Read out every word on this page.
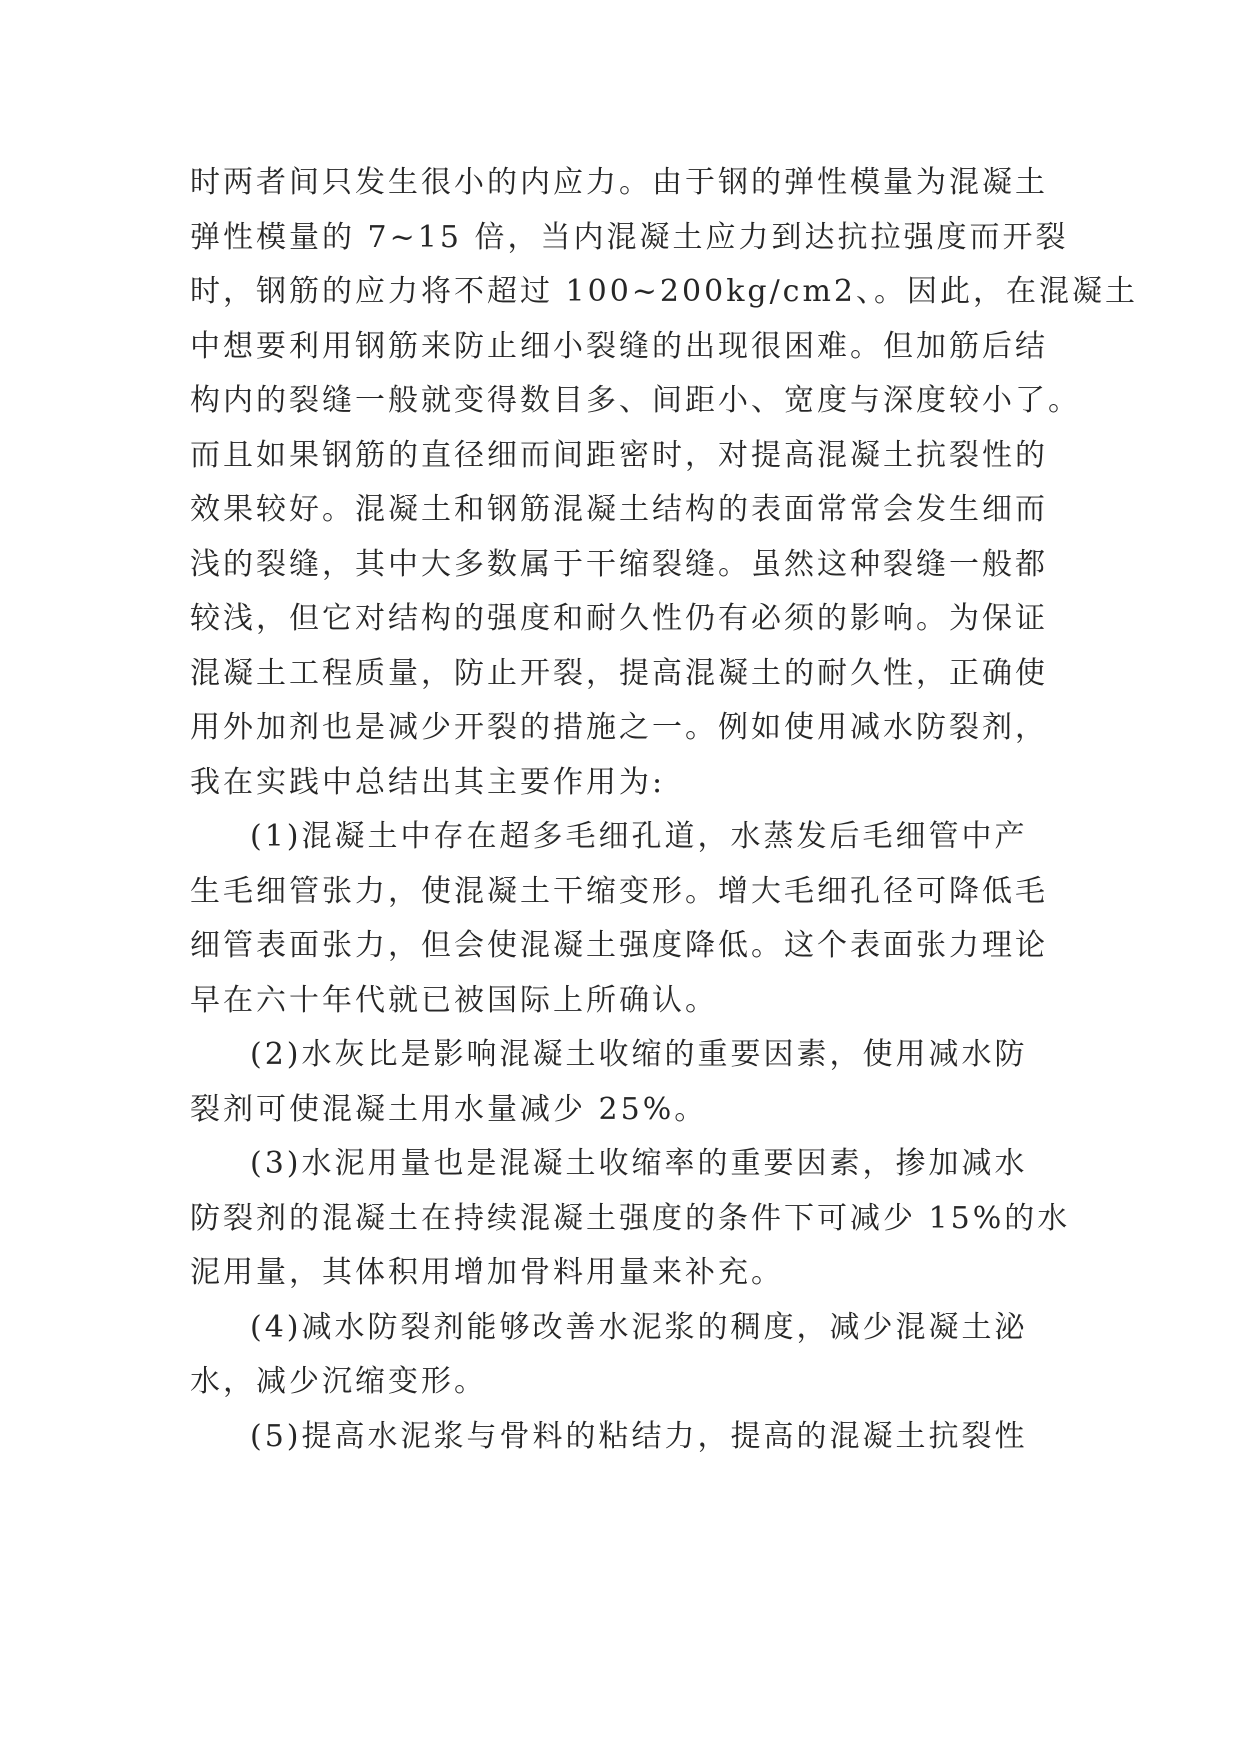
时两者间只发生很小的内应力。由于钢的弹性模量为混凝土
弹性模量的 7~15 倍，当内混凝土应力到达抗拉强度而开裂
时，钢筋的应力将不超过 100~200kg/cm2、。因此，在混凝土
中想要利用钢筋来防止细小裂缝的出现很困难。但加筋后结
构内的裂缝一般就变得数目多、间距小、宽度与深度较小了。
而且如果钢筋的直径细而间距密时，对提高混凝土抗裂性的
效果较好。混凝土和钢筋混凝土结构的表面常常会发生细而
浅的裂缝，其中大多数属于干缩裂缝。虽然这种裂缝一般都
较浅，但它对结构的强度和耐久性仍有必须的影响。为保证
混凝土工程质量，防止开裂，提高混凝土的耐久性，正确使
用外加剂也是减少开裂的措施之一。例如使用减水防裂剂，
我在实践中总结出其主要作用为:
(1)混凝土中存在超多毛细孔道，水蒸发后毛细管中产
生毛细管张力，使混凝土干缩变形。增大毛细孔径可降低毛
细管表面张力，但会使混凝土强度降低。这个表面张力理论
早在六十年代就已被国际上所确认。
(2)水灰比是影响混凝土收缩的重要因素，使用减水防
裂剂可使混凝土用水量减少 25%。
(3)水泥用量也是混凝土收缩率的重要因素，掺加减水
防裂剂的混凝土在持续混凝土强度的条件下可减少 15%的水
泥用量，其体积用增加骨料用量来补充。
(4)减水防裂剂能够改善水泥浆的稠度，减少混凝土泌
水，减少沉缩变形。
(5)提高水泥浆与骨料的粘结力，提高的混凝土抗裂性
